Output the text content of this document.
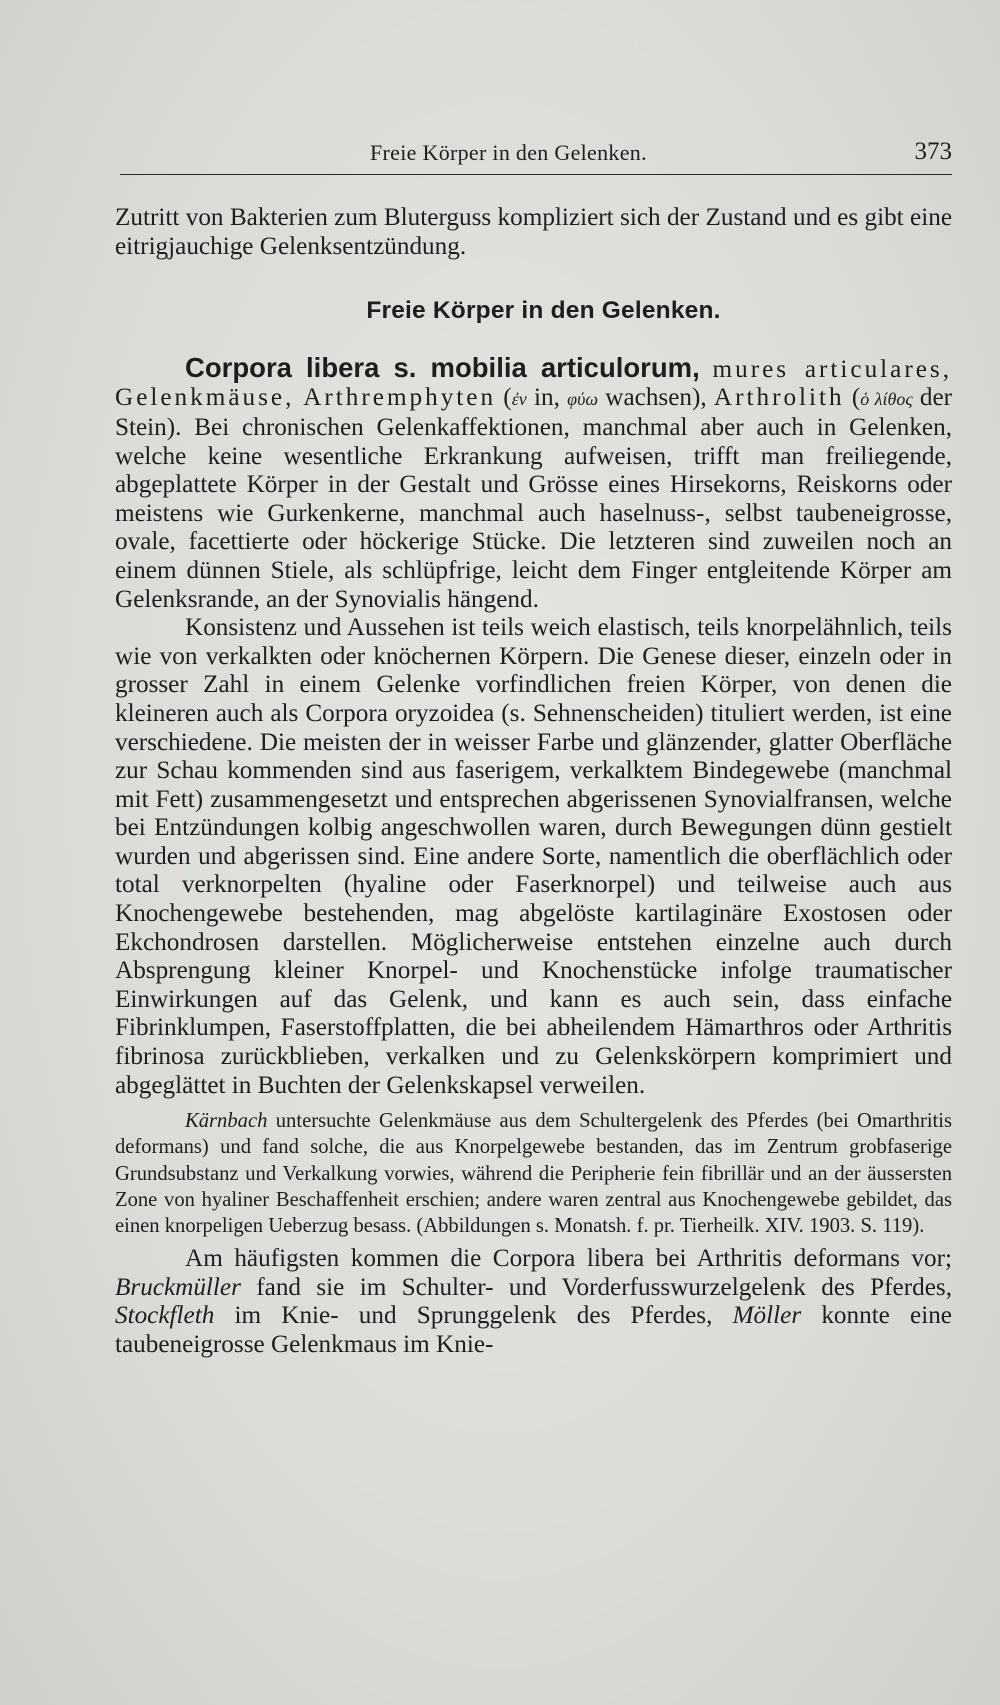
Freie Körper in den Gelenken.	373

Zutritt von Bakterien zum Bluterguss kompliziert sich der Zustand und es gibt eine eitrigjauchige Gelenksentzündung.

Freie Körper in den Gelenken.

Corpora libera s. mobilia articulorum, mures articulares, Gelenkmäuse, Arthremphyten (ἐν in, φύω wachsen), Arthrolith (ὁ λίθος der Stein). Bei chronischen Gelenkaffektionen, manchmal aber auch in Gelenken, welche keine wesentliche Erkrankung aufweisen, trifft man freiliegende, abgeplattete Körper in der Gestalt und Grösse eines Hirsekorns, Reiskorns oder meistens wie Gurkenkerne, manchmal auch haselnuss-, selbst taubeneigrosse, ovale, facettierte oder höckerige Stücke. Die letzteren sind zuweilen noch an einem dünnen Stiele, als schlüpfrige, leicht dem Finger entgleitende Körper am Gelenksrande, an der Synovialis hängend.

Konsistenz und Aussehen ist teils weich elastisch, teils knorpelähnlich, teils wie von verkalkten oder knöchernen Körpern. Die Genese dieser, einzeln oder in grosser Zahl in einem Gelenke vorfindlichen freien Körper, von denen die kleineren auch als Corpora oryzoidea (s. Sehnenscheiden) tituliert werden, ist eine verschiedene. Die meisten der in weisser Farbe und glänzender, glatter Oberfläche zur Schau kommenden sind aus faserigem, verkalktem Bindegewebe (manchmal mit Fett) zusammengesetzt und entsprechen abgerissenen Synovialfransen, welche bei Entzündungen kolbig angeschwollen waren, durch Bewegungen dünn gestielt wurden und abgerissen sind. Eine andere Sorte, namentlich die oberflächlich oder total verknorpelten (hyaline oder Faserknorpel) und teilweise auch aus Knochengewebe bestehenden, mag abgelöste kartilaginäre Exostosen oder Ekchondrosen darstellen. Möglicherweise entstehen einzelne auch durch Absprengung kleiner Knorpel- und Knochenstücke infolge traumatischer Einwirkungen auf das Gelenk, und kann es auch sein, dass einfache Fibrinklumpen, Faserstoffplatten, die bei abheilendem Hämarthros oder Arthritis fibrinosa zurückblieben, verkalken und zu Gelenkskörpern komprimiert und abgeglättet in Buchten der Gelenkskapsel verweilen.

Kärnbach untersuchte Gelenkmäuse aus dem Schultergelenk des Pferdes (bei Omarthritis deformans) und fand solche, die aus Knorpelgewebe bestanden, das im Zentrum grobfaserige Grundsubstanz und Verkalkung vorwies, während die Peripherie fein fibrillär und an der äussersten Zone von hyaliner Beschaffenheit erschien; andere waren zentral aus Knochengewebe gebildet, das einen knorpeligen Ueberzug besass. (Abbildungen s. Monatsh. f. pr. Tierheilk. XIV. 1903. S. 119).

Am häufigsten kommen die Corpora libera bei Arthritis deformans vor; Bruckmüller fand sie im Schulter- und Vorderfusswurzelgelenk des Pferdes, Stockfleth im Knie- und Sprunggelenk des Pferdes, Möller konnte eine taubeneigrosse Gelenkmaus im Knie-
